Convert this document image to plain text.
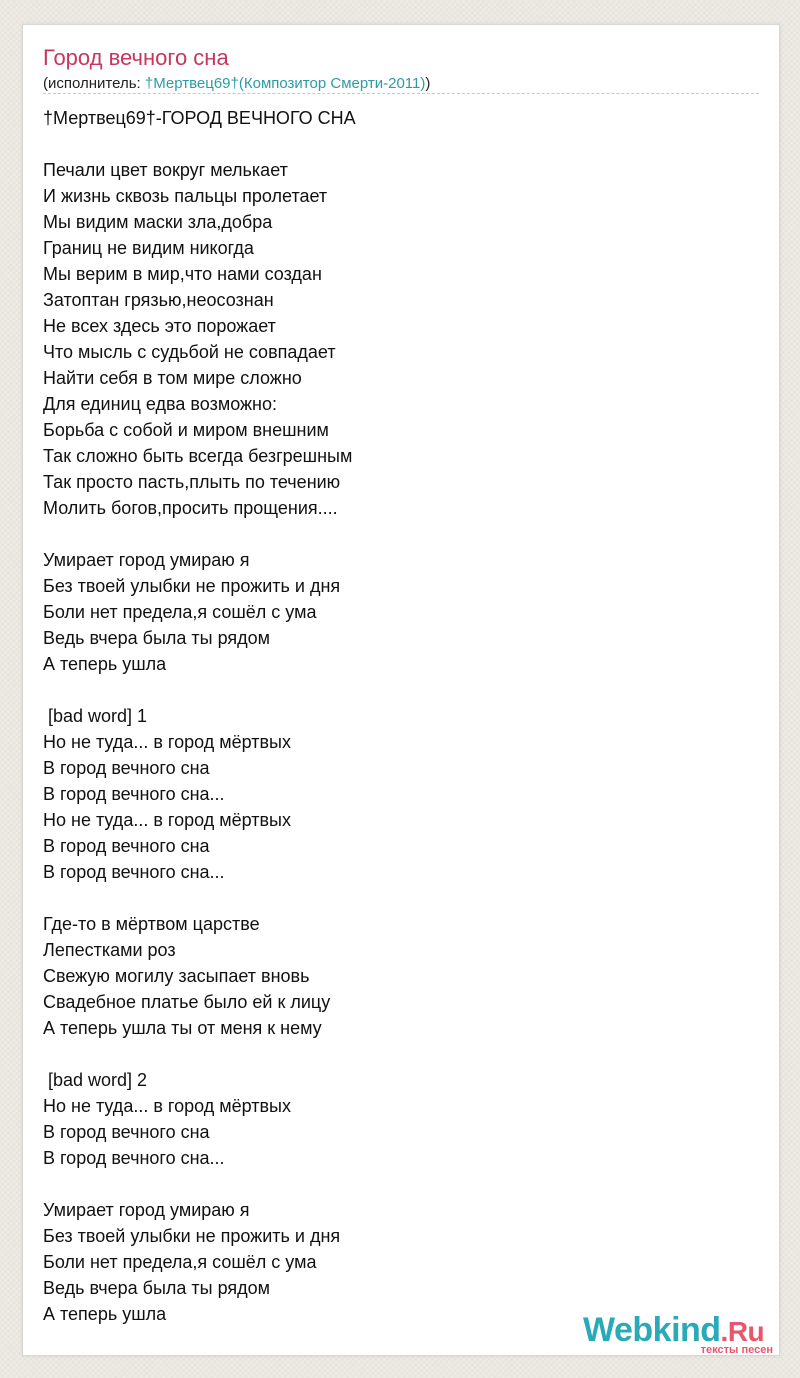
Город вечного сна
(исполнитель: †Мертвец69†(Композитор Смерти-2011))
†Мертвец69†-ГОРОД ВЕЧНОГО СНА
Печали цвет вокруг мелькает
И жизнь сквозь пальцы пролетает
Мы видим маски зла,добра
Границ не видим никогда
Мы верим в мир,что нами создан
Затоптан грязью,неосознан
Не всех здесь это порожает
Что мысль с судьбой не совпадает
Найти себя в том мире сложно
Для единиц едва возможно:
Борьба с собой и миром внешним
Так сложно быть всегда безгрешным
Так просто пасть,плыть по течению
Молить богов,просить прощения....
Умирает город умираю я
Без твоей улыбки не прожить и дня
Боли нет предела,я сошёл с ума
Ведь вчера была ты рядом
А теперь ушла
[bad word] 1
Но не туда... в город мёртвых
В город вечного сна
В город вечного сна...
Но не туда... в город мёртвых
В город вечного сна
В город вечного сна...
Где-то в мёртвом царстве
Лепестками роз
Свежую могилу засыпает вновь
Свадебное платье было ей к лицу
А теперь ушла ты от меня к нему
[bad word] 2
Но не туда... в город мёртвых
В город вечного сна
В город вечного сна...
Умирает город умираю я
Без твоей улыбки не прожить и дня
Боли нет предела,я сошёл с ума
Ведь вчера была ты рядом
А теперь ушла	Webkind.Ru
тексты песен
